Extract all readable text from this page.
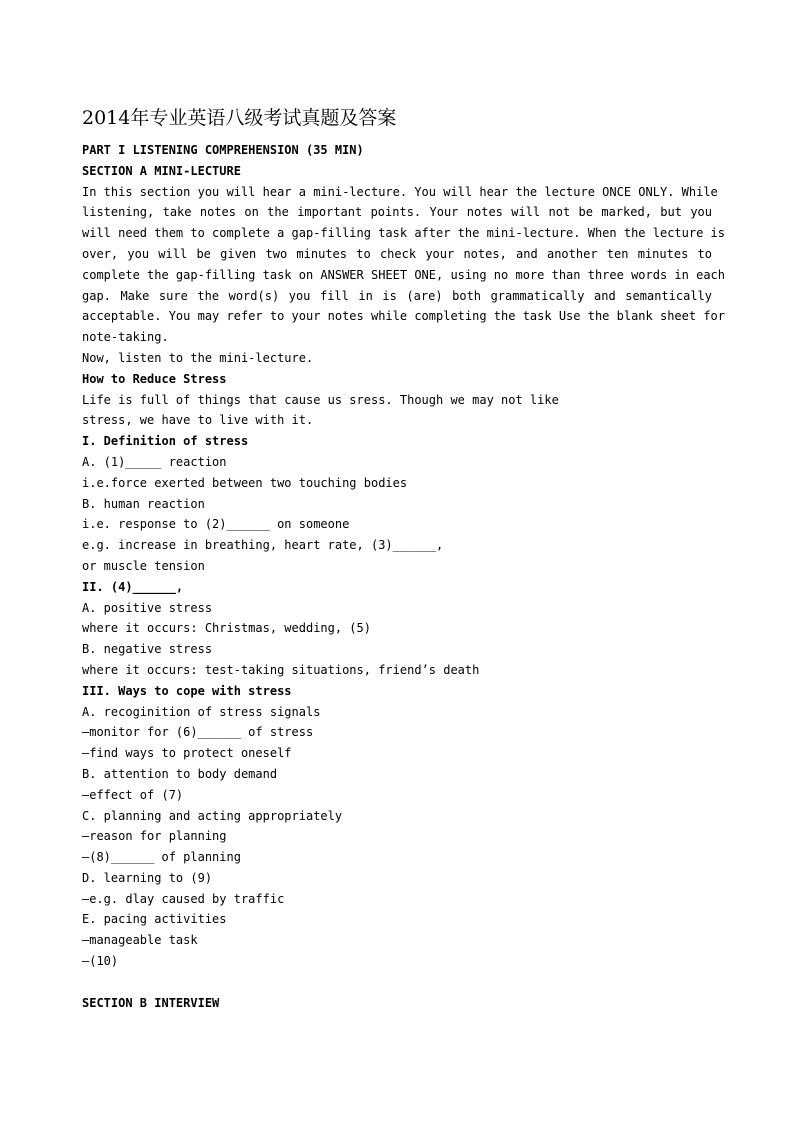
2014年专业英语八级考试真题及答案
PART I LISTENING COMPREHENSION (35 MIN)
SECTION A MINI-LECTURE
In this section you will hear a mini-lecture. You will hear the lecture ONCE ONLY. While
listening, take notes on the important points. Your notes will not be marked, but you
will need them to complete a gap-filling task after the mini-lecture. When the lecture is
over, you will be given two minutes to check your notes, and another ten minutes to
complete the gap-filling task on ANSWER SHEET ONE, using no more than three words in each
gap. Make sure the word(s) you fill in is (are) both grammatically and semantically
acceptable. You may refer to your notes while completing the task Use the blank sheet for
note-taking.
Now, listen to the mini-lecture.
How to Reduce Stress
Life is full of things that cause us sress. Though we may not like
stress, we have to live with it.
I. Definition of stress
A. (1)_____ reaction
i.e.force exerted between two touching bodies
B. human reaction
i.e. response to (2)______ on someone
e.g. increase in breathing, heart rate, (3)______,
or muscle tension
II. (4)______,
A. positive stress
where it occurs: Christmas, wedding, (5)
B. negative stress
where it occurs: test-taking situations, friend’s death
III. Ways to cope with stress
A. recoginition of stress signals
—monitor for (6)______ of stress
—find ways to protect oneself
B. attention to body demand
—effect of (7)
C. planning and acting appropriately
—reason for planning
—(8)______ of planning
D. learning to (9)
—e.g. dlay caused by traffic
E. pacing activities
—manageable task
—(10)
SECTION B INTERVIEW
